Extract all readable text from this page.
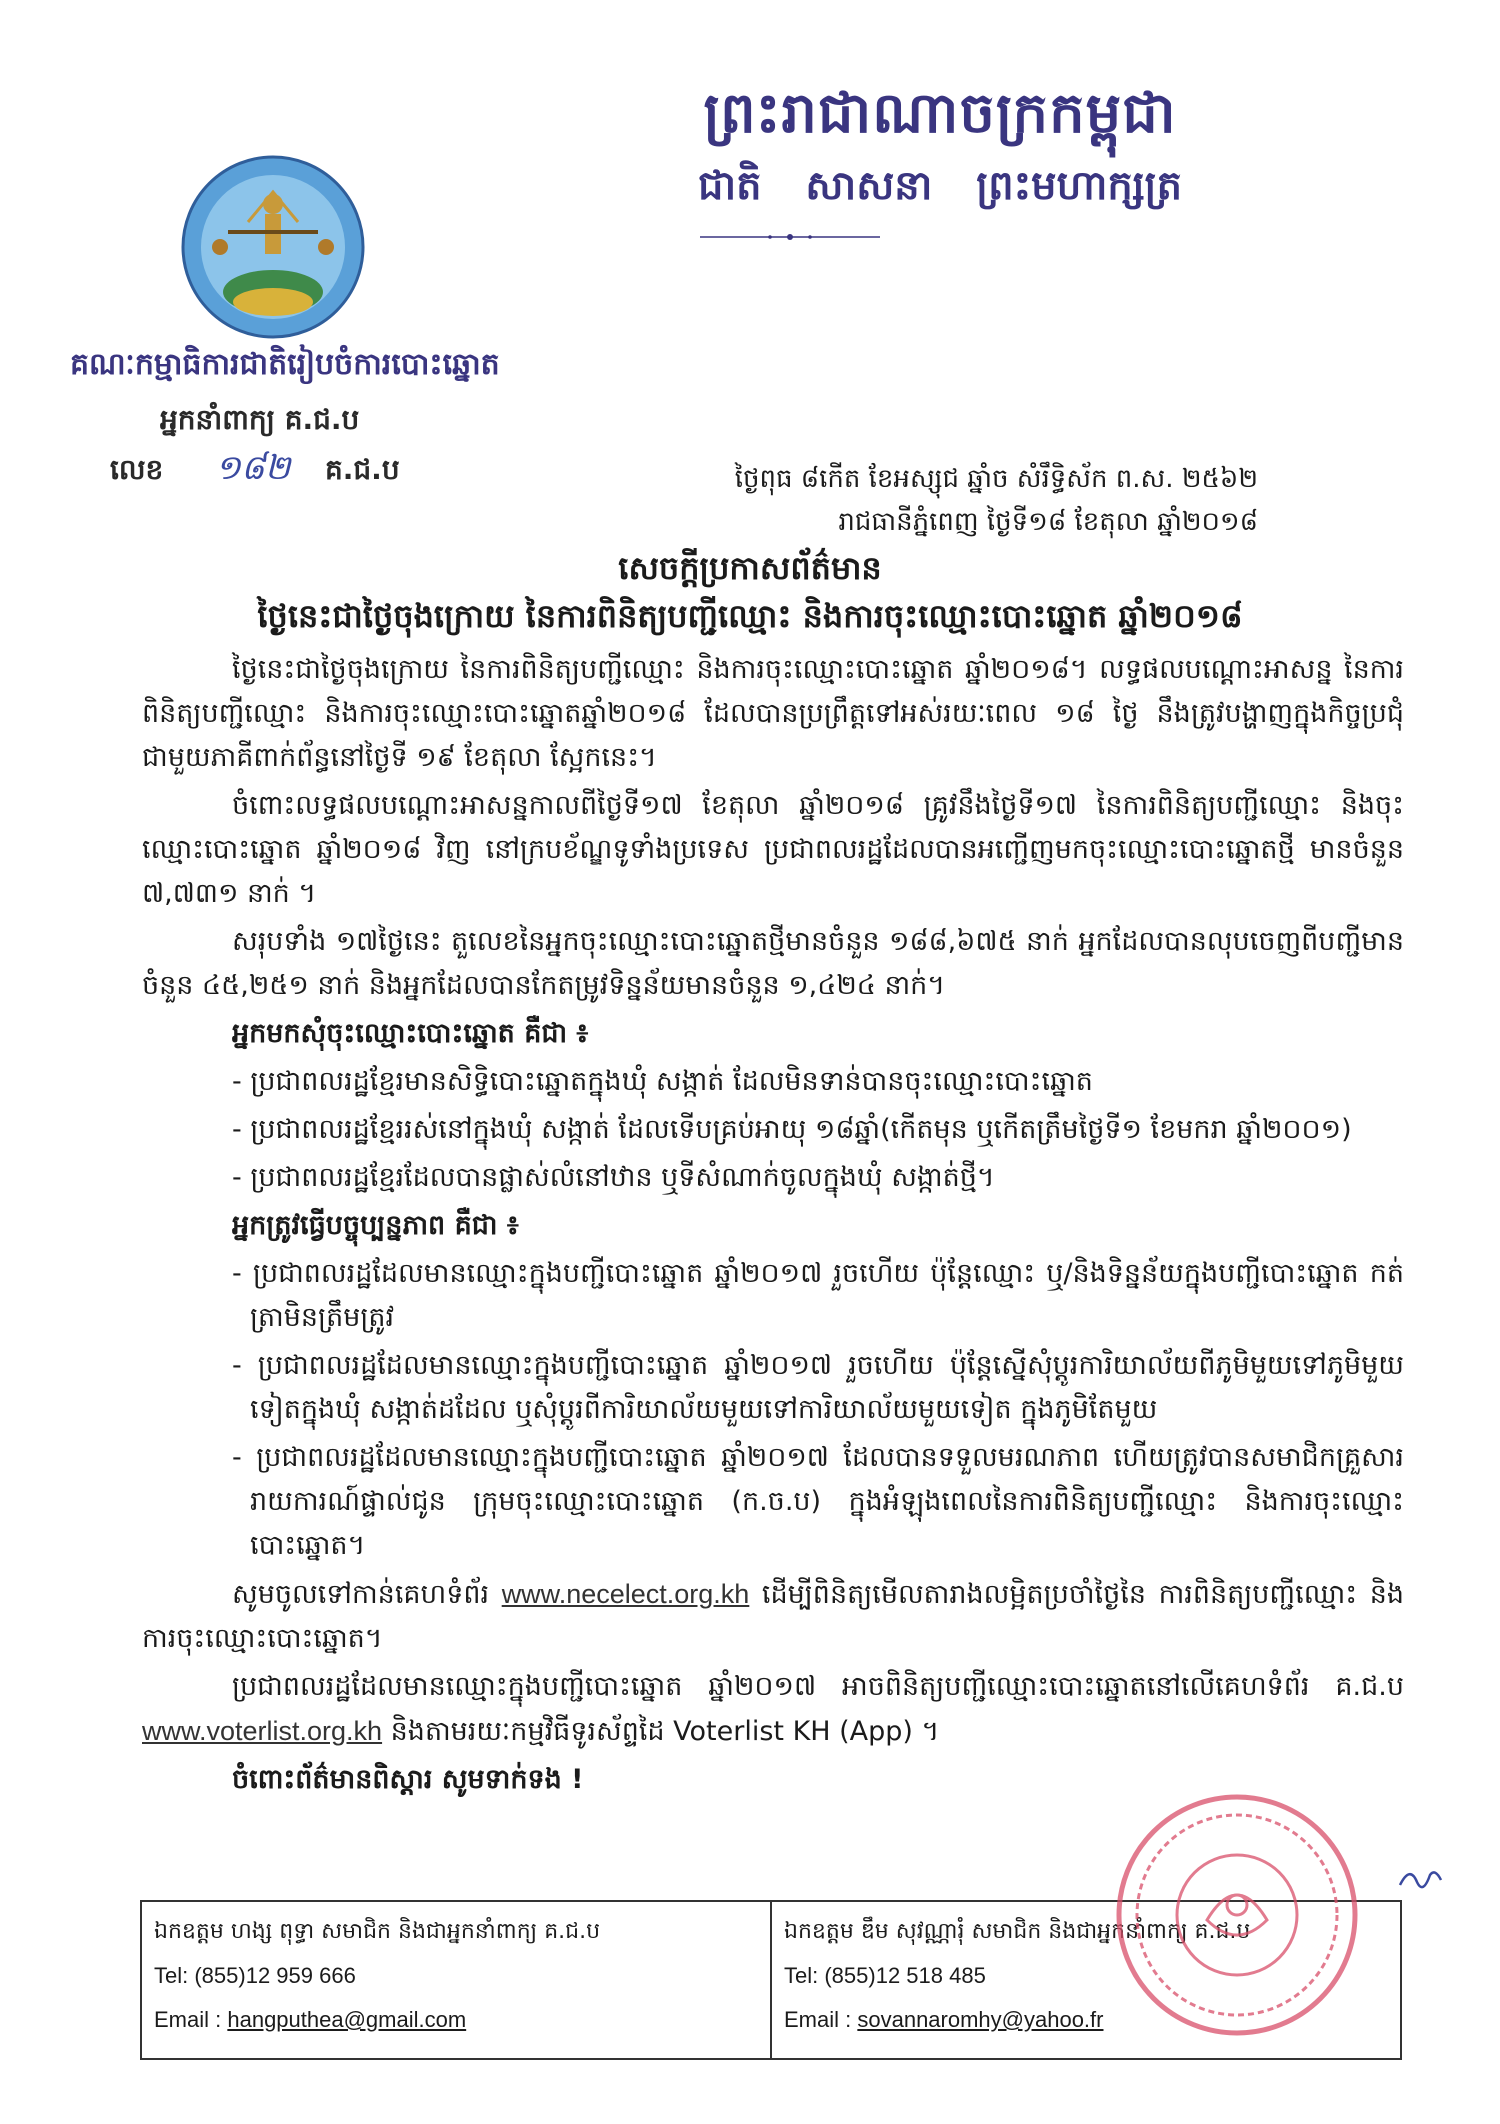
ព្រះរាជាណាចក្រកម្ពុជា
ជាតិ សាសនា ព្រះមហាក្សត្រ
គណៈកម្មាធិការជាតិរៀបចំការបោះឆ្នោត
អ្នកនាំពាក្យ គ.ជ.ប
លេខ ១៨២ គ.ជ.ប	ថ្ងៃពុធ ៨កើត ខែអស្សុជ ឆ្នាំច សំរឹទ្ធិស័ក ព.ស. ២៥៦២
រាជធានីភ្នំពេញ ថ្ងៃទី១៨ ខែតុលា ឆ្នាំ២០១៨
សេចក្តីប្រកាសព័ត៌មាន
ថ្ងៃនេះជាថ្ងៃចុងក្រោយ នៃការពិនិត្យបញ្ជីឈ្មោះ និងការចុះឈ្មោះបោះឆ្នោត ឆ្នាំ២០១៨

ថ្ងៃនេះជាថ្ងៃចុងក្រោយ នៃការពិនិត្យបញ្ជីឈ្មោះ និងការចុះឈ្មោះបោះឆ្នោត ឆ្នាំ២០១៨។ លទ្ធផលបណ្តោះអាសន្ន នៃការពិនិត្យបញ្ជីឈ្មោះ និងការចុះឈ្មោះបោះឆ្នោតឆ្នាំ២០១៨ ដែលបានប្រព្រឹត្តទៅអស់រយៈពេល ១៨ ថ្ងៃ នឹងត្រូវបង្ហាញក្នុងកិច្ចប្រជុំជាមួយភាគីពាក់ព័ន្ធនៅថ្ងៃទី ១៩ ខែតុលា ស្អែកនេះ។

ចំពោះលទ្ធផលបណ្តោះអាសន្នកាលពីថ្ងៃទី១៧ ខែតុលា ឆ្នាំ២០១៨ គ្រូវនឹងថ្ងៃទី១៧ នៃការពិនិត្យបញ្ជីឈ្មោះ និងចុះឈ្មោះបោះឆ្នោត ឆ្នាំ២០១៨ វិញ នៅក្របខ័ណ្ឌទូទាំងប្រទេស ប្រជាពលរដ្ឋដែលបានអញ្ជើញមកចុះឈ្មោះបោះឆ្នោតថ្មី មានចំនួន ៧,៧៣១ នាក់ ។

សរុបទាំង ១៧ថ្ងៃនេះ តួលេខនៃអ្នកចុះឈ្មោះបោះឆ្នោតថ្មីមានចំនួន ១៨៨,៦៧៥ នាក់ អ្នកដែលបានលុបចេញពីបញ្ជីមានចំនួន ៤៥,២៥១ នាក់ និងអ្នកដែលបានកែតម្រូវទិន្នន័យមានចំនួន ១,៤២៤ នាក់។

អ្នកមកសុំចុះឈ្មោះបោះឆ្នោត គឺជា ៖

- ប្រជាពលរដ្ឋខ្មែរមានសិទ្ធិបោះឆ្នោតក្នុងឃុំ សង្កាត់ ដែលមិនទាន់បានចុះឈ្មោះបោះឆ្នោត

- ប្រជាពលរដ្ឋខ្មែររស់នៅក្នុងឃុំ សង្កាត់ ដែលទើបគ្រប់អាយុ ១៨ឆ្នាំ(កើតមុន ឬកើតត្រឹមថ្ងៃទី១ ខែមករា ឆ្នាំ២០០១)

- ប្រជាពលរដ្ឋខ្មែរដែលបានផ្លាស់លំនៅឋាន ឬទីសំណាក់ចូលក្នុងឃុំ សង្កាត់ថ្មី។

អ្នកត្រូវធ្វើបច្ចុប្បន្នភាព គឺជា ៖

- ប្រជាពលរដ្ឋដែលមានឈ្មោះក្នុងបញ្ជីបោះឆ្នោត ឆ្នាំ២០១៧ រួចហើយ ប៉ុន្តែឈ្មោះ ឬ/និងទិន្នន័យក្នុងបញ្ជីបោះឆ្នោត កត់ត្រាមិនត្រឹមត្រូវ

- ប្រជាពលរដ្ឋដែលមានឈ្មោះក្នុងបញ្ជីបោះឆ្នោត ឆ្នាំ២០១៧ រួចហើយ ប៉ុន្តែស្នើសុំប្តូរការិយាល័យពីភូមិមួយទៅភូមិមួយទៀតក្នុងឃុំ សង្កាត់ដដែល ឬសុំប្តូរពីការិយាល័យមួយទៅការិយាល័យមួយទៀត ក្នុងភូមិតែមួយ

- ប្រជាពលរដ្ឋដែលមានឈ្មោះក្នុងបញ្ជីបោះឆ្នោត ឆ្នាំ២០១៧ ដែលបានទទួលមរណភាព ហើយត្រូវបានសមាជិកគ្រួសាររាយការណ៍ផ្ទាល់ជូន ក្រុមចុះឈ្មោះបោះឆ្នោត (ក.ច.ប) ក្នុងអំឡុងពេលនៃការពិនិត្យបញ្ជីឈ្មោះ និងការចុះឈ្មោះបោះឆ្នោត។

សូមចូលទៅកាន់គេហទំព័រ www.necelect.org.kh ដើម្បីពិនិត្យមើលតារាងលម្អិតប្រចាំថ្ងៃនៃ ការពិនិត្យបញ្ជីឈ្មោះ និងការចុះឈ្មោះបោះឆ្នោត។

ប្រជាពលរដ្ឋដែលមានឈ្មោះក្នុងបញ្ជីបោះឆ្នោត ឆ្នាំ២០១៧ អាចពិនិត្យបញ្ជីឈ្មោះបោះឆ្នោតនៅលើគេហទំព័រ គ.ជ.ប www.voterlist.org.kh និងតាមរយៈកម្មវិធីទូរស័ព្ទដៃ Voterlist KH (App) ។

ចំពោះព័ត៌មានពិស្តារ សូមទាក់ទង !

ឯកឧត្តម ហង្ស ពុទ្ធា សមាជិក និងជាអ្នកនាំពាក្យ គ.ជ.ប
Tel: (855)12 959 666
Email : hangputhea@gmail.com
ឯកឧត្តម ឌឹម សុវណ្ណារុំ សមាជិក និងជាអ្នកនាំពាក្យ គ.ជ.ប
Tel: (855)12 518 485
Email : sovannaromhy@yahoo.fr
